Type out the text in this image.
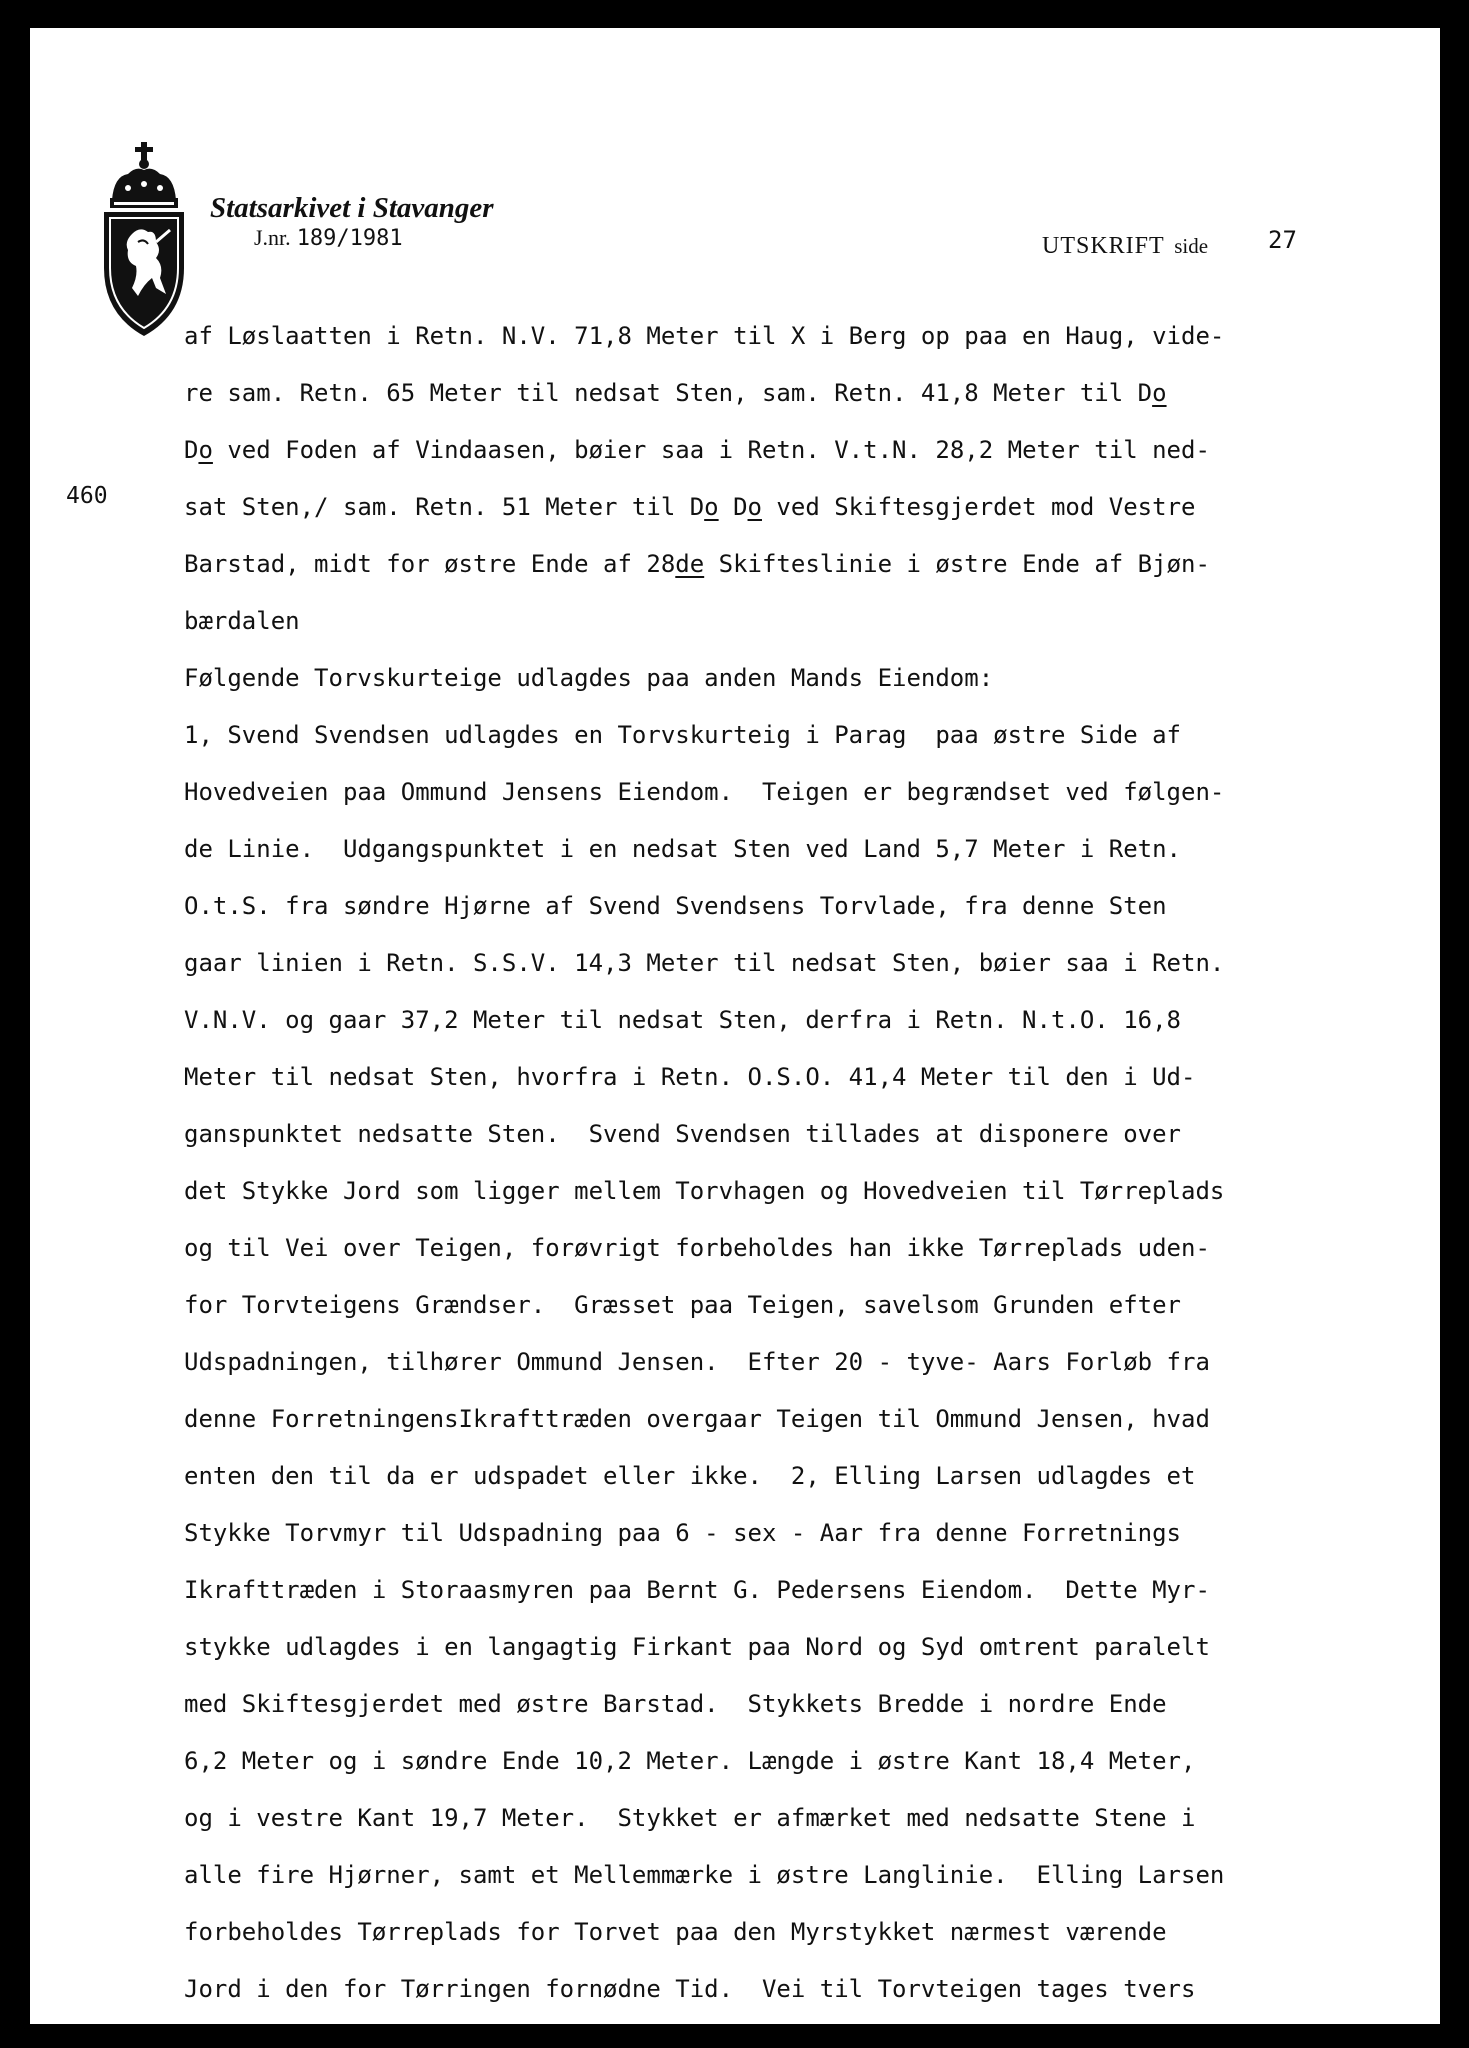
Statsarkivet i Stavanger
J.nr. 189/1981	UTSKRIFT side 27
460
af Løslaatten i Retn. N.V. 71,8 Meter til X i Berg op paa en Haug, vide-
re sam. Retn. 65 Meter til nedsat Sten, sam. Retn. 41,8 Meter til Do
Do ved Foden af Vindaasen, bøier saa i Retn. V.t.N. 28,2 Meter til ned-
sat Sten,/ sam. Retn. 51 Meter til Do Do ved Skiftesgjerdet mod Vestre
Barstad, midt for østre Ende af 28de Skifteslinie i østre Ende af Bjøn-
bærdalen
Følgende Torvskurteige udlagdes paa anden Mands Eiendom:
1, Svend Svendsen udlagdes en Torvskurteig i Parag  paa østre Side af
Hovedveien paa Ommund Jensens Eiendom.  Teigen er begrændset ved følgen-
de Linie.  Udgangspunktet i en nedsat Sten ved Land 5,7 Meter i Retn.
O.t.S. fra søndre Hjørne af Svend Svendsens Torvlade, fra denne Sten
gaar linien i Retn. S.S.V. 14,3 Meter til nedsat Sten, bøier saa i Retn.
V.N.V. og gaar 37,2 Meter til nedsat Sten, derfra i Retn. N.t.O. 16,8
Meter til nedsat Sten, hvorfra i Retn. O.S.O. 41,4 Meter til den i Ud-
ganspunktet nedsatte Sten.  Svend Svendsen tillades at disponere over
det Stykke Jord som ligger mellem Torvhagen og Hovedveien til Tørreplads
og til Vei over Teigen, forøvrigt forbeholdes han ikke Tørreplads uden-
for Torvteigens Grændser.  Græsset paa Teigen, savelsom Grunden efter
Udspadningen, tilhører Ommund Jensen.  Efter 20 - tyve- Aars Forløb fra
denne ForretningensIkrafttræden overgaar Teigen til Ommund Jensen, hvad
enten den til da er udspadet eller ikke.  2, Elling Larsen udlagdes et
Stykke Torvmyr til Udspadning paa 6 - sex - Aar fra denne Forretnings
Ikrafttræden i Storaasmyren paa Bernt G. Pedersens Eiendom.  Dette Myr-
stykke udlagdes i en langagtig Firkant paa Nord og Syd omtrent paralelt
med Skiftesgjerdet med østre Barstad.  Stykkets Bredde i nordre Ende
6,2 Meter og i søndre Ende 10,2 Meter. Længde i østre Kant 18,4 Meter,
og i vestre Kant 19,7 Meter.  Stykket er afmærket med nedsatte Stene i
alle fire Hjørner, samt et Mellemmærke i østre Langlinie.  Elling Larsen
forbeholdes Tørreplads for Torvet paa den Myrstykket nærmest værende
Jord i den for Tørringen fornødne Tid.  Vei til Torvteigen tages tvers
